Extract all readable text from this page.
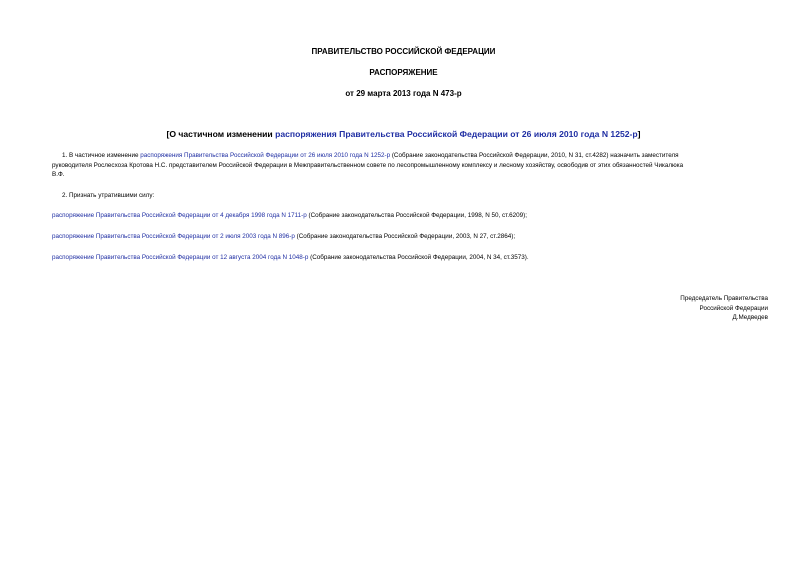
ПРАВИТЕЛЬСТВО РОССИЙСКОЙ ФЕДЕРАЦИИ
РАСПОРЯЖЕНИЕ
от 29 марта 2013 года N 473-р
[О частичном изменении распоряжения Правительства Российской Федерации от 26 июля 2010 года N 1252-р]
1. В частичное изменение распоряжения Правительства Российской Федерации от 26 июля 2010 года N 1252-р (Собрание законодательства Российской Федерации, 2010, N 31, ст.4282) назначить заместителя
руководителя Рослесхоза Кротова Н.С. представителем Российской Федерации в Межправительственном совете по лесопромышленному комплексу и лесному хозяйству, освободив от этих обязанностей Чикалюка
В.Ф.
2. Признать утратившими силу:
распоряжение Правительства Российской Федерации от 4 декабря 1998 года N 1711-р (Собрание законодательства Российской Федерации, 1998, N 50, ст.6209);
распоряжение Правительства Российской Федерации от 2 июля 2003 года N 896-р (Собрание законодательства Российской Федерации, 2003, N 27, ст.2864);
распоряжение Правительства Российской Федерации от 12 августа 2004 года N 1048-р (Собрание законодательства Российской Федерации, 2004, N 34, ст.3573).
Председатель Правительства
Российской Федерации
Д.Медведев
